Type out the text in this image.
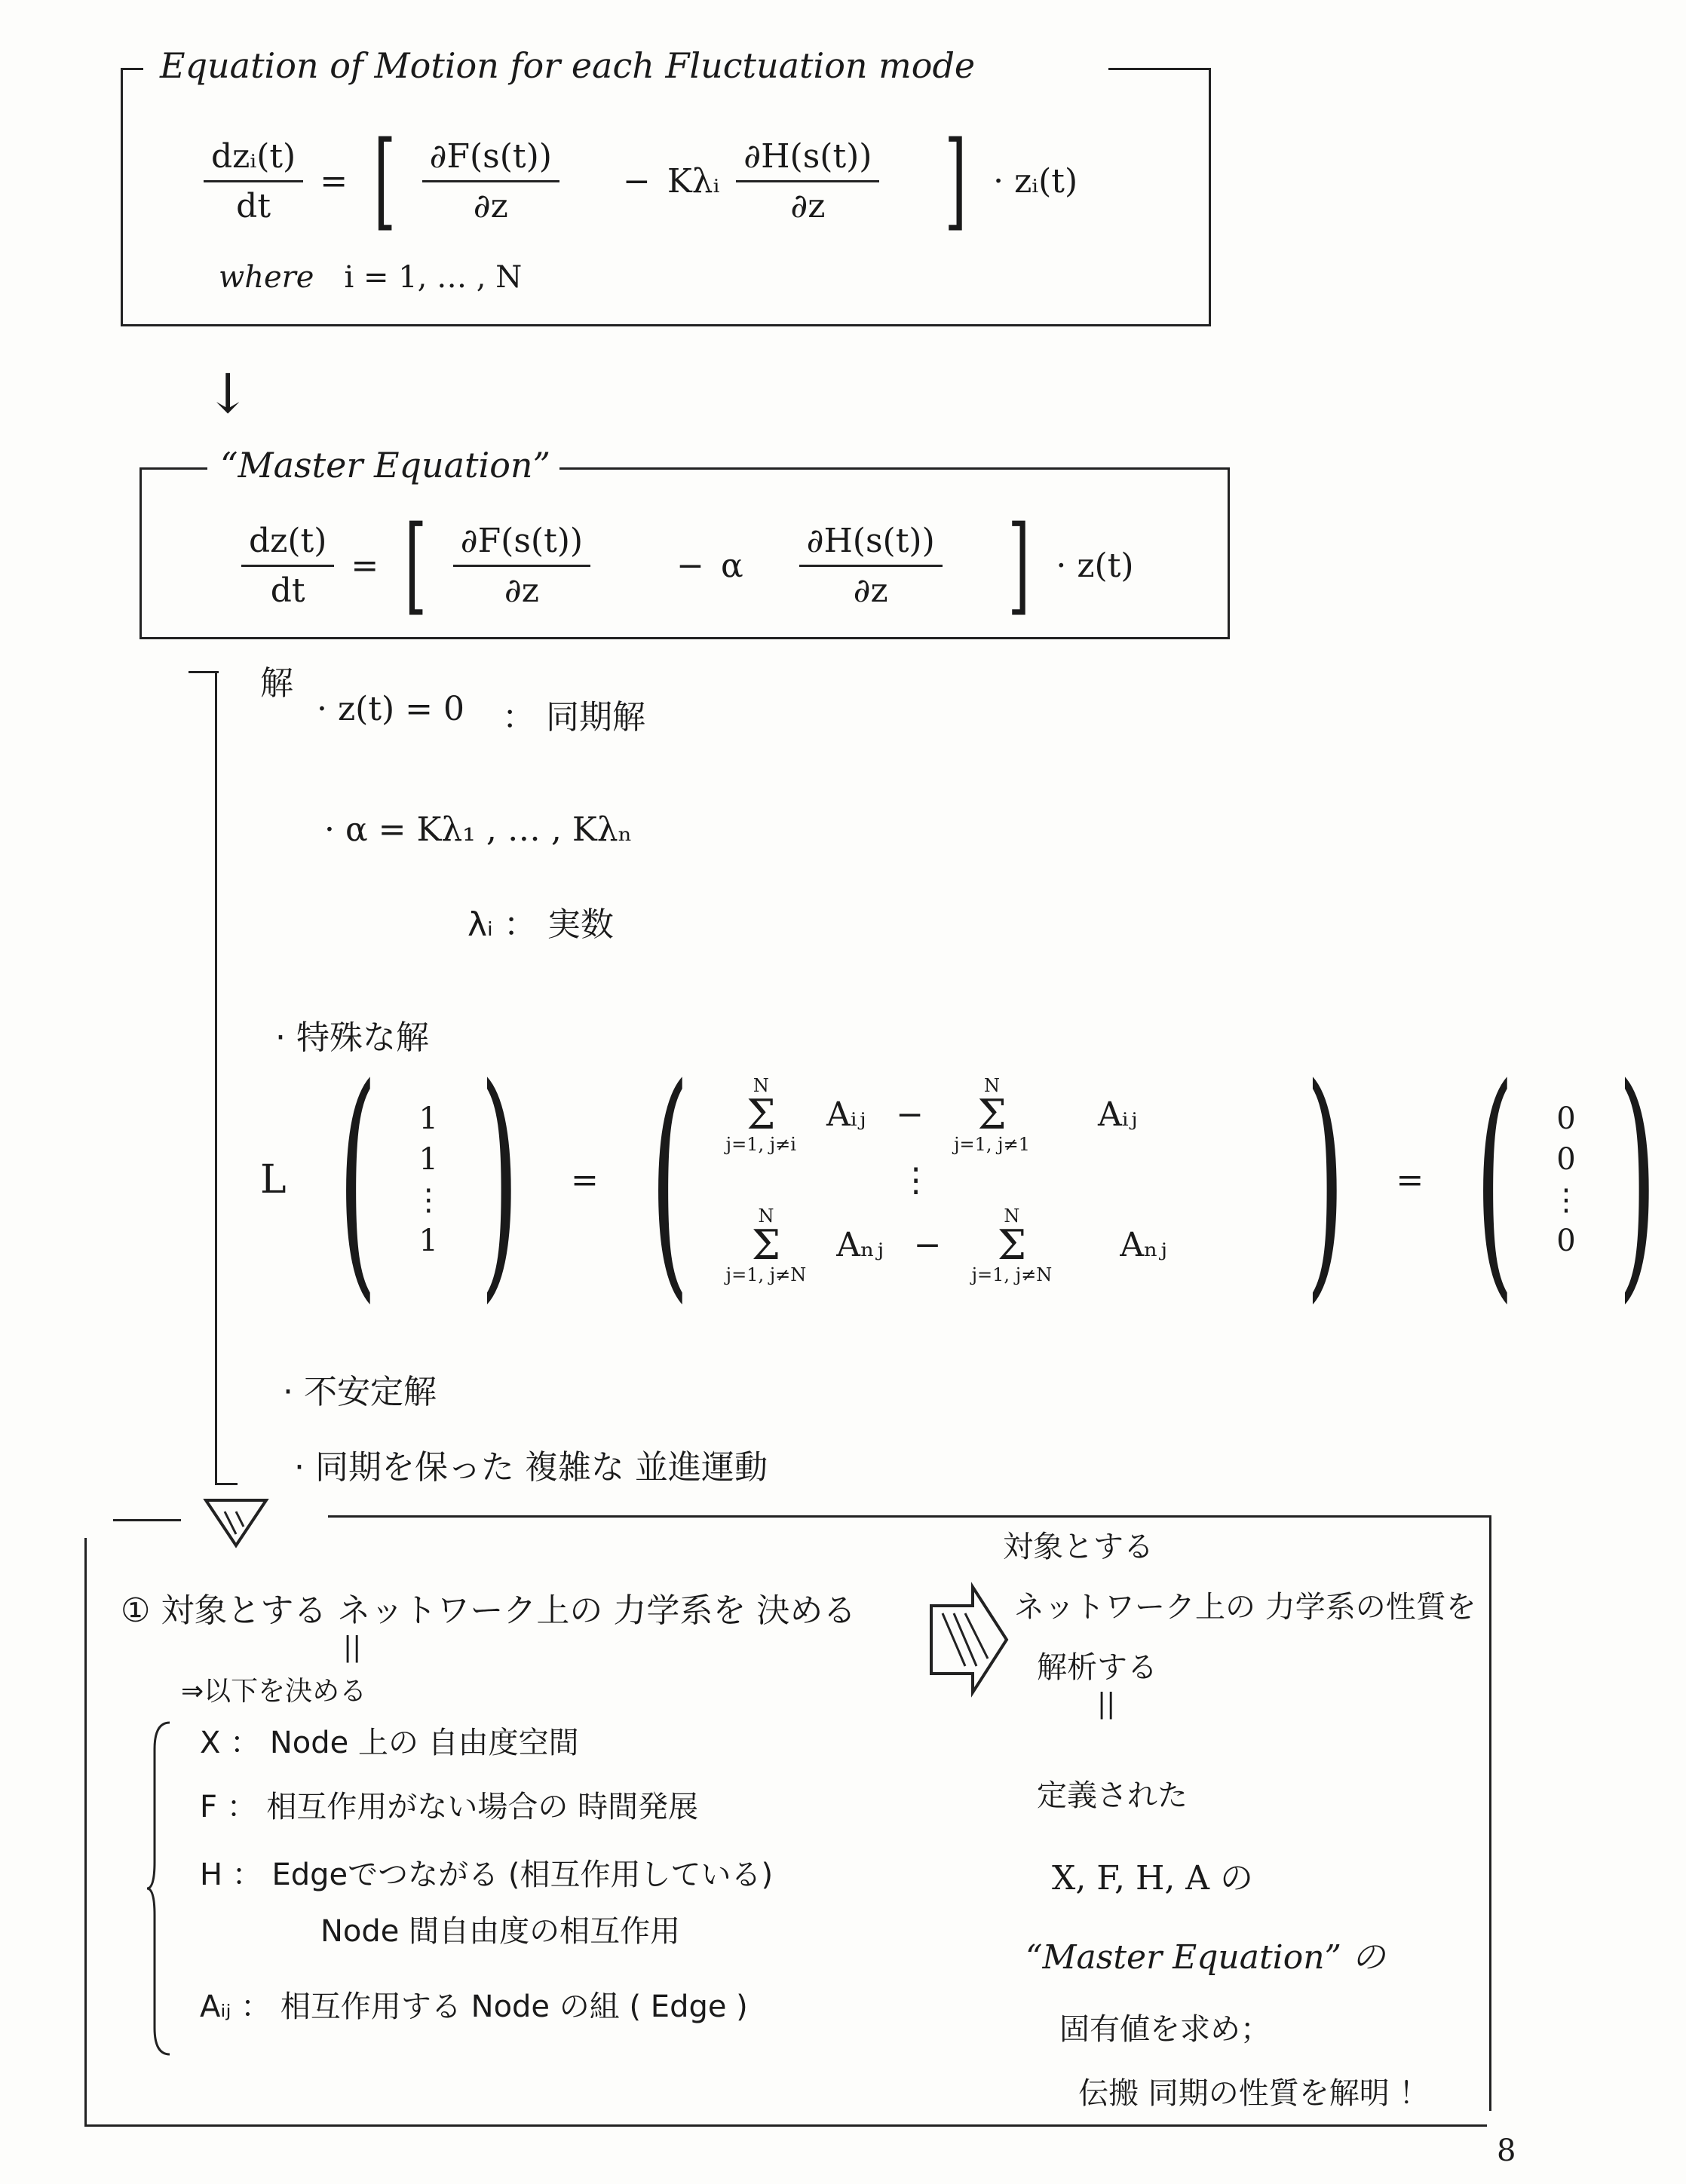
Equation of Motion for each Fluctuation mode
$\frac{\text{dzᵢ(t)}}{dt}$ = [ $\frac{\partial F(s(t))}{\partial z}$ − Kλᵢ $\frac{\partial H(s(t))}{\partial z}$ ] · zᵢ(t)
where i = 1, … , N
↓
“Master Equation”
$\frac{dz(t)}{dt}$ = [ $\frac{\partial F(s(t))}{\partial z}$	− α $\frac{\partial H(s(t))}{\partial z}$ ] · z(t)
解
· z(t) = 0 ： 同期解
· α = Kλ₁ , … , Kλₙ
λᵢ ： 実数
· 特殊な解
L ( 1
1
⋮
1 ) = (	N
Σ
j=1, j≠i
Aᵢⱼ −
N
Σ
j=1, j≠1
Aᵢⱼ
⋮
N
Σ
j=1, j≠N
Aₙⱼ −
N
Σ
j=1, j≠N
Aₙⱼ ) = ( 0
0
⋮
0 )
· 不安定解
· 同期を保った 複雑な 並進運動
① 対象とする ネットワーク上の 力学系を 決める
||
⇒以下を決める
X ： Node 上の 自由度空間
F ： 相互作用がない場合の 時間発展
H ： Edgeでつながる (相互作用している)
Node 間自由度の相互作用
Aᵢⱼ ： 相互作用する Node の組 ( Edge )
対象とする
ネットワーク上の 力学系の性質を
解析する
||
定義された
X, F, H, A の
“Master Equation” の
固有値を求め；
伝搬 同期の性質を解明 ！
8
